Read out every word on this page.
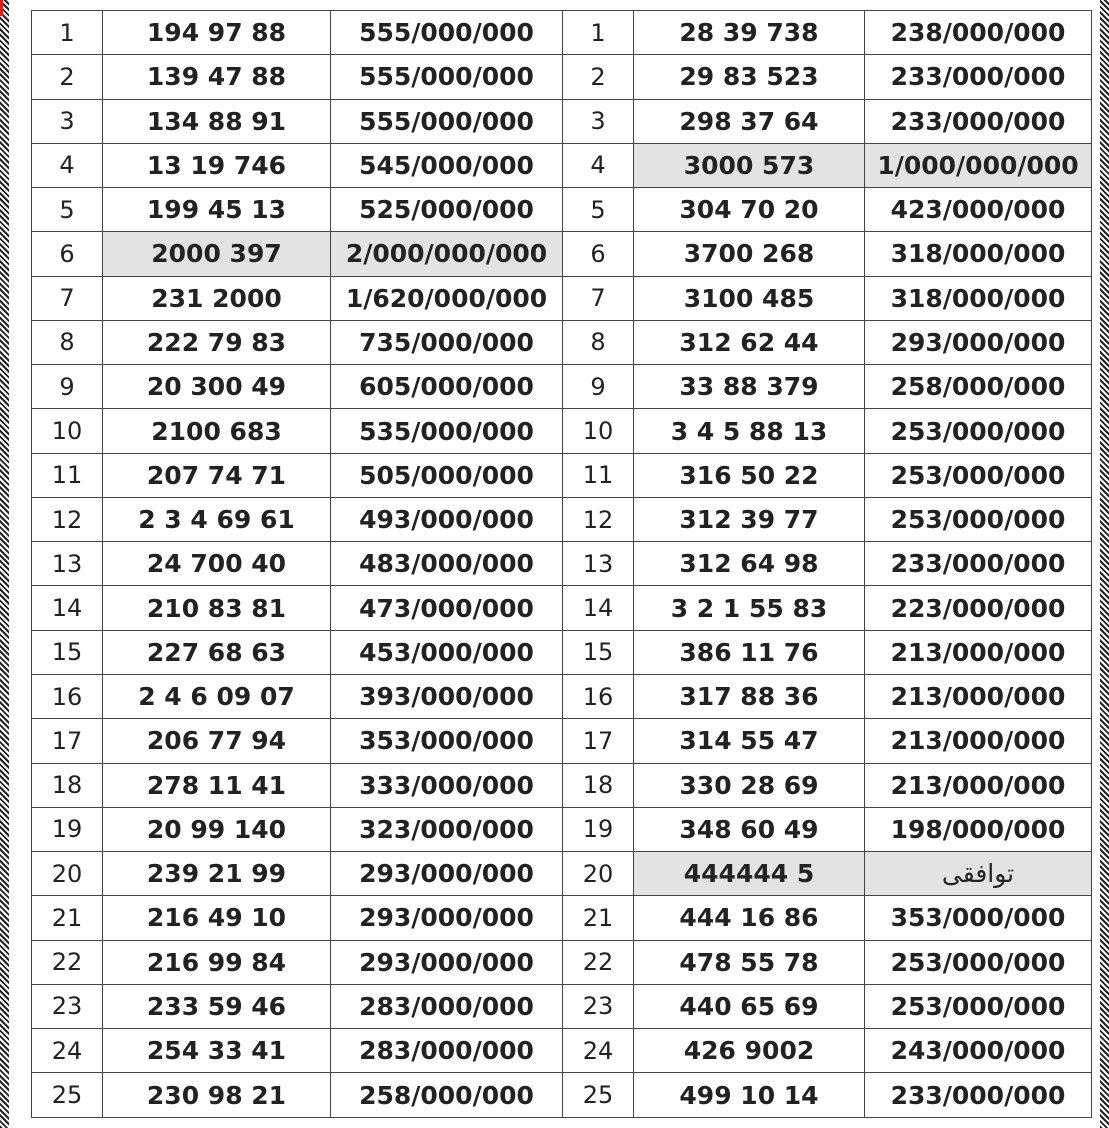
1	194 97 88	555/000/000	1	28 39 738	238/000/000
2	139 47 88	555/000/000	2	29 83 523	233/000/000
3	134 88 91	555/000/000	3	298 37 64	233/000/000
4	13 19 746	545/000/000	4	3000 573	1/000/000/000
5	199 45 13	525/000/000	5	304 70 20	423/000/000
6	2000 397	2/000/000/000	6	3700 268	318/000/000
7	231 2000	1/620/000/000	7	3100 485	318/000/000
8	222 79 83	735/000/000	8	312 62 44	293/000/000
9	20 300 49	605/000/000	9	33 88 379	258/000/000
10	2100 683	535/000/000	10	3 4 5 88 13	253/000/000
11	207 74 71	505/000/000	11	316 50 22	253/000/000
12	2 3 4 69 61	493/000/000	12	312 39 77	253/000/000
13	24 700 40	483/000/000	13	312 64 98	233/000/000
14	210 83 81	473/000/000	14	3 2 1 55 83	223/000/000
15	227 68 63	453/000/000	15	386 11 76	213/000/000
16	2 4 6 09 07	393/000/000	16	317 88 36	213/000/000
17	206 77 94	353/000/000	17	314 55 47	213/000/000
18	278 11 41	333/000/000	18	330 28 69	213/000/000
19	20 99 140	323/000/000	19	348 60 49	198/000/000
20	239 21 99	293/000/000	20	444444 5	توافقی
21	216 49 10	293/000/000	21	444 16 86	353/000/000
22	216 99 84	293/000/000	22	478 55 78	253/000/000
23	233 59 46	283/000/000	23	440 65 69	253/000/000
24	254 33 41	283/000/000	24	426 9002	243/000/000
25	230 98 21	258/000/000	25	499 10 14	233/000/000
